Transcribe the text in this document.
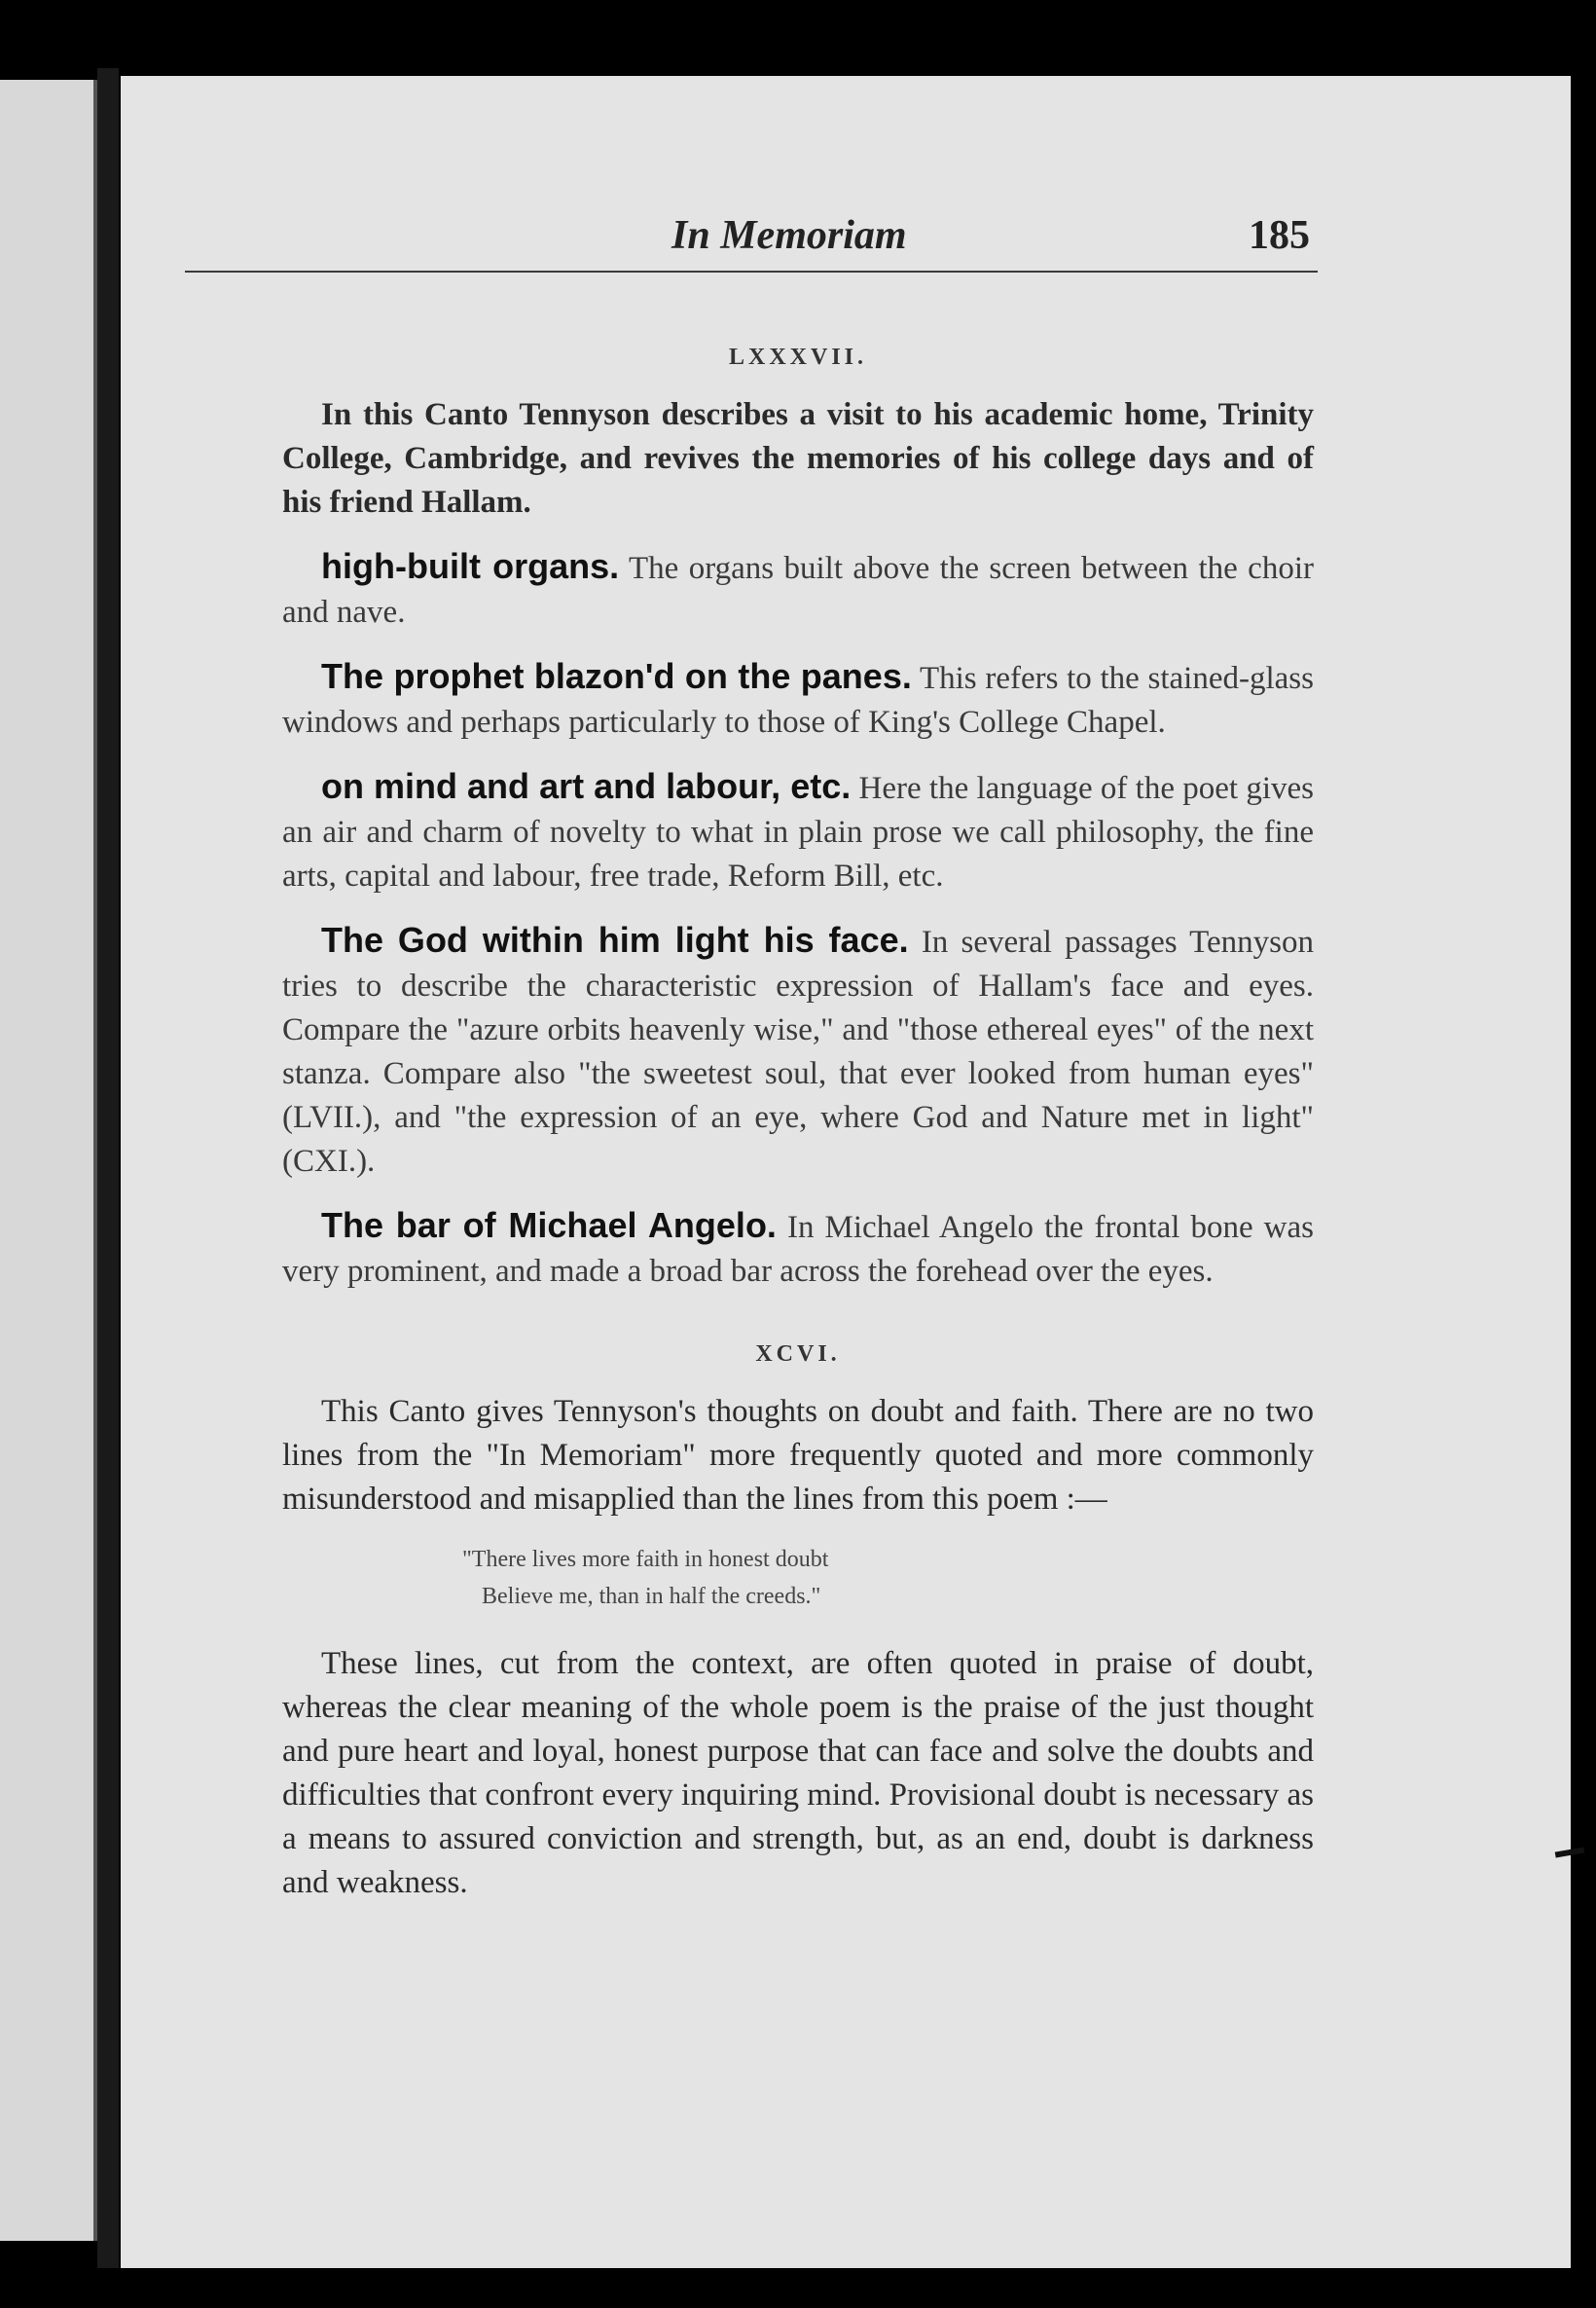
In Memoriam	185
LXXXVII.

In this Canto Tennyson describes a visit to his academic home, Trinity College, Cambridge, and revives the memories of his college days and of his friend Hallam.

high-built organs. The organs built above the screen between the choir and nave.

The prophet blazon'd on the panes. This refers to the stained-glass windows and perhaps particularly to those of King's College Chapel.

on mind and art and labour, etc. Here the language of the poet gives an air and charm of novelty to what in plain prose we call philosophy, the fine arts, capital and labour, free trade, Reform Bill, etc.

The God within him light his face. In several passages Tennyson tries to describe the characteristic expression of Hallam's face and eyes. Compare the "azure orbits heavenly wise," and "those ethereal eyes" of the next stanza. Compare also "the sweetest soul, that ever looked from human eyes" (LVII.), and "the expression of an eye, where God and Nature met in light" (CXI.).

The bar of Michael Angelo. In Michael Angelo the frontal bone was very prominent, and made a broad bar across the forehead over the eyes.

XCVI.

This Canto gives Tennyson's thoughts on doubt and faith. There are no two lines from the "In Memoriam" more frequently quoted and more commonly misunderstood and misapplied than the lines from this poem :—

"There lives more faith in honest doubt
Believe me, than in half the creeds."

These lines, cut from the context, are often quoted in praise of doubt, whereas the clear meaning of the whole poem is the praise of the just thought and pure heart and loyal, honest purpose that can face and solve the doubts and difficulties that confront every inquiring mind. Provisional doubt is necessary as a means to assured conviction and strength, but, as an end, doubt is darkness and weakness.
